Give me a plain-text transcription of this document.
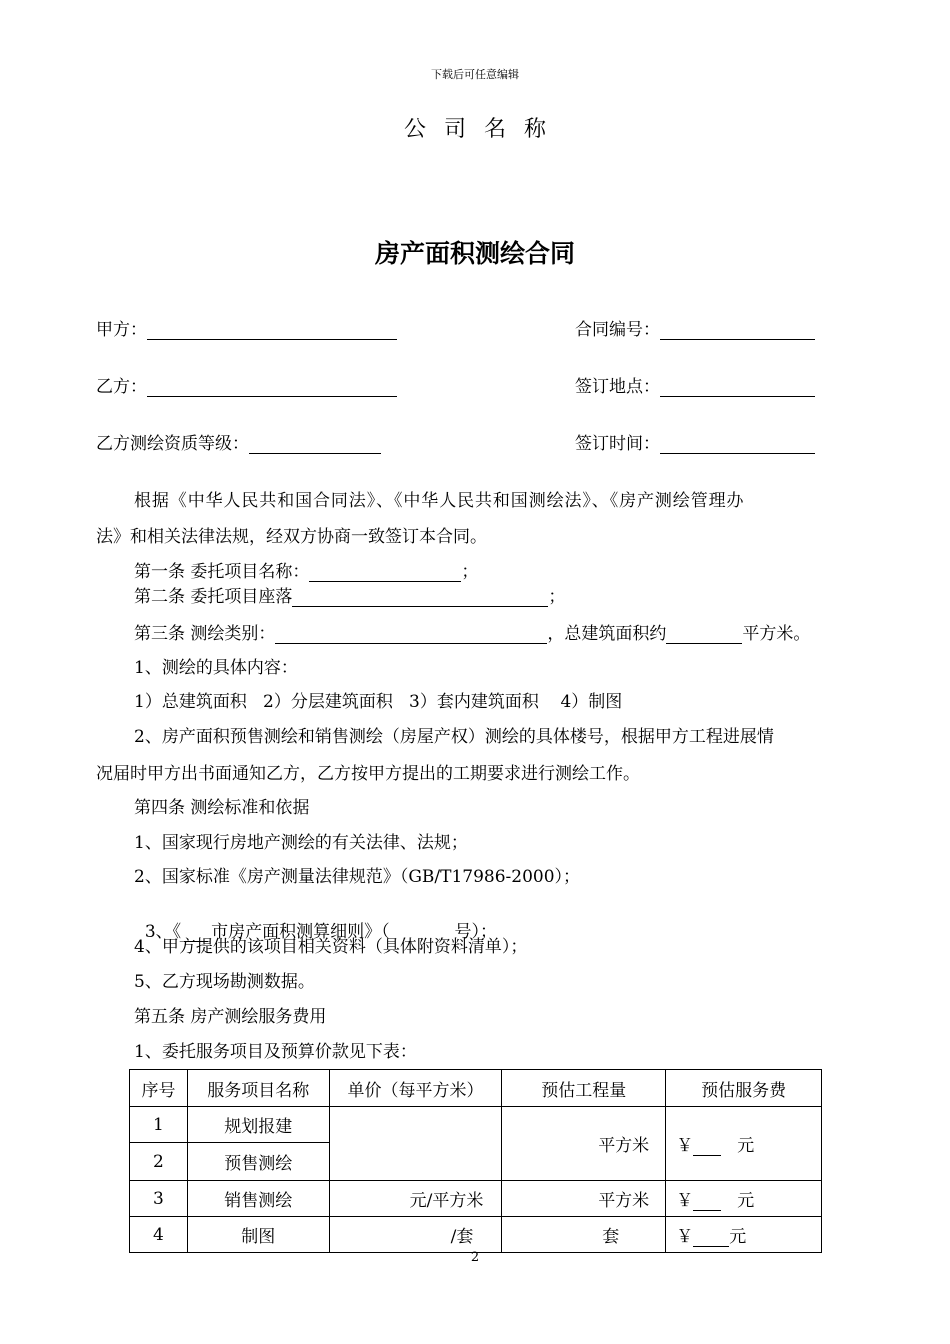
下载后可任意编辑
公司名称
房产面积测绘合同
甲方：	合同编号：
乙方：	签订地点：
乙方测绘资质等级：	签订时间：
根据《中华人民共和国合同法》、《中华人民共和国测绘法》、《房产测绘管理办
法》和相关法律法规，经双方协商一致签订本合同。
第一条 委托项目名称：	；
第二条 委托项目座落	；
第三条 测绘类别：	，总建筑面积约	平方米。
1、测绘的具体内容：
1）总建筑面积   2）分层建筑面积   3）套内建筑面积    4）制图
2、房产面积预售测绘和销售测绘（房屋产权）测绘的具体楼号，根据甲方工程进展情
况届时甲方出书面通知乙方，乙方按甲方提出的工期要求进行测绘工作。
第四条 测绘标准和依据
1、国家现行房地产测绘的有关法律、法规；
2、国家标准《房产测量法律规范》（GB/T17986-2000）；

3、《 市房产面积测算细则》（            号）；

4、甲方提供的该项目相关资料（具体附资料清单）；
5、乙方现场勘测数据。
第五条 房产测绘服务费用
1、委托服务项目及预算价款见下表：
序号	服务项目名称	单价（每平方米）	预估工程量	预估服务费
1	规划报建		平方米	￥ 元
2	预售测绘			
3	销售测绘	元/平方米	平方米	￥ 元
4	制图	/套	套	￥ 元
2
